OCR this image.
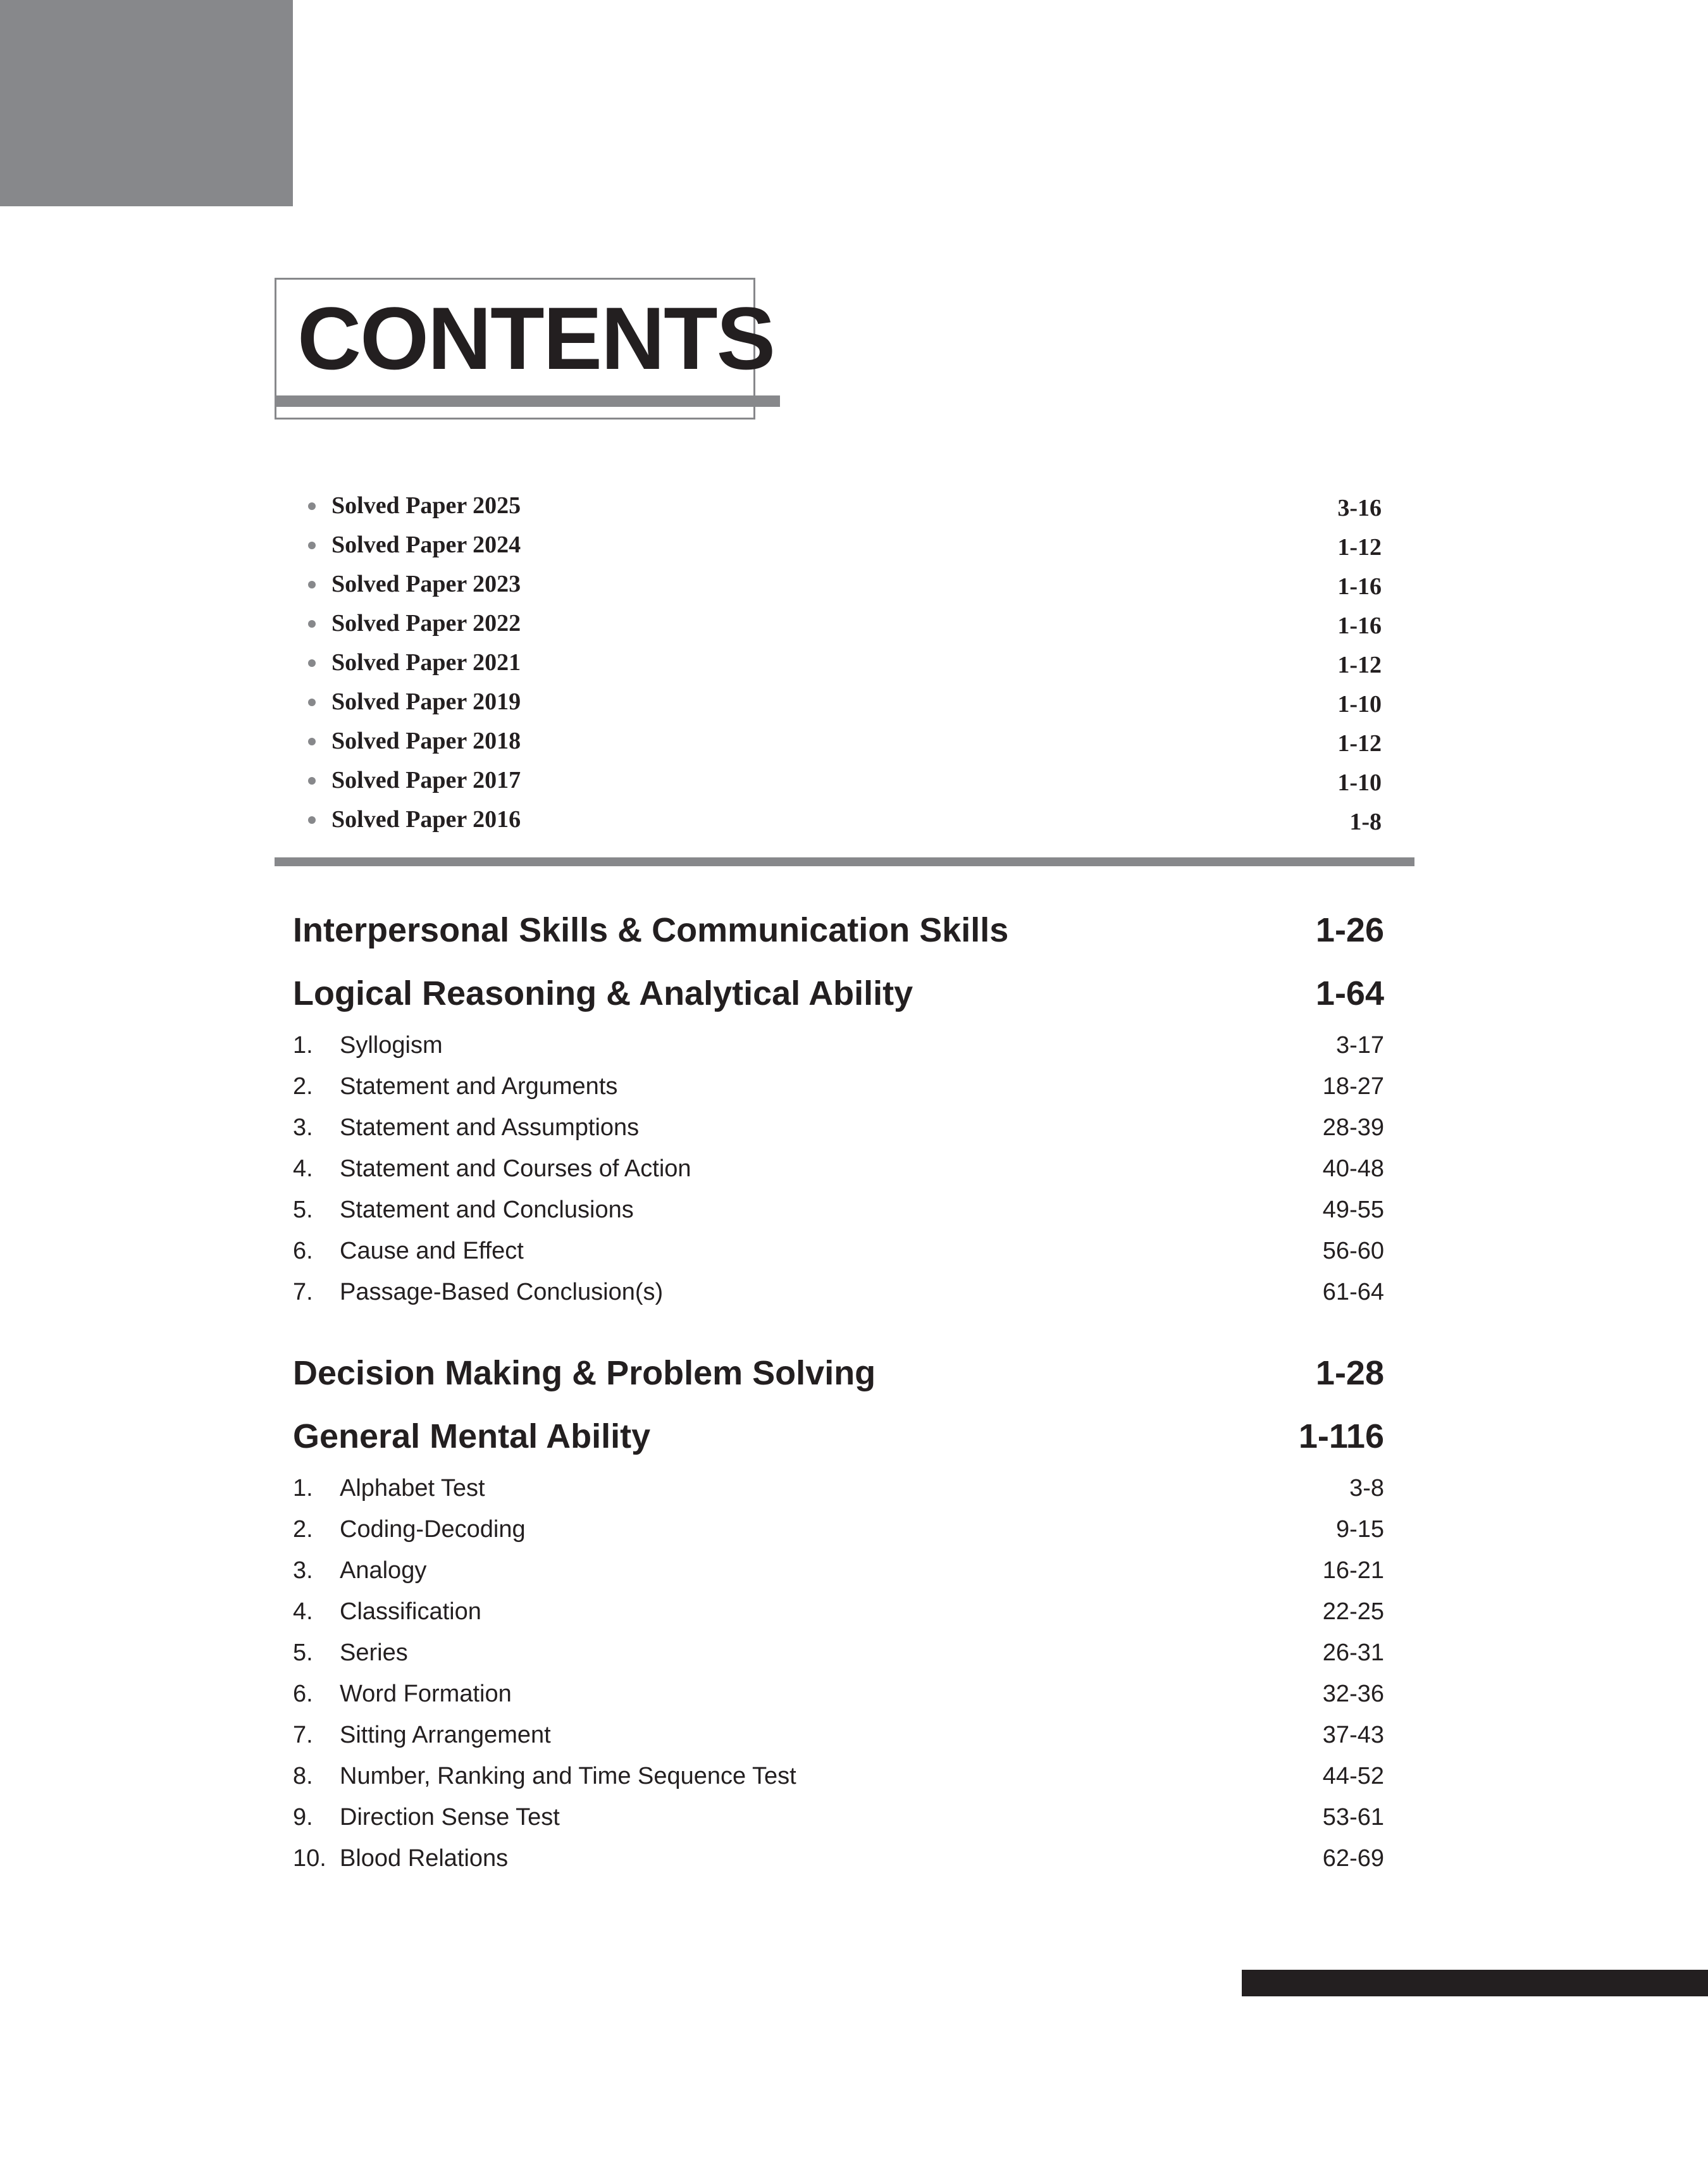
CONTENTS
Solved Paper 2025	3-16
Solved Paper 2024	1-12
Solved Paper 2023	1-16
Solved Paper 2022	1-16
Solved Paper 2021	1-12
Solved Paper 2019	1-10
Solved Paper 2018	1-12
Solved Paper 2017	1-10
Solved Paper 2016	1-8
Interpersonal Skills & Communication Skills	1-26
Logical Reasoning & Analytical Ability	1-64
1. Syllogism	3-17
2. Statement and Arguments	18-27
3. Statement and Assumptions	28-39
4. Statement and Courses of Action	40-48
5. Statement and Conclusions	49-55
6. Cause and Effect	56-60
7. Passage-Based Conclusion(s)	61-64
Decision Making & Problem Solving	1-28
General Mental Ability	1-116
1. Alphabet Test	3-8
2. Coding-Decoding	9-15
3. Analogy	16-21
4. Classification	22-25
5. Series	26-31
6. Word Formation	32-36
7. Sitting Arrangement	37-43
8. Number, Ranking and Time Sequence Test	44-52
9. Direction Sense Test	53-61
10. Blood Relations	62-69
